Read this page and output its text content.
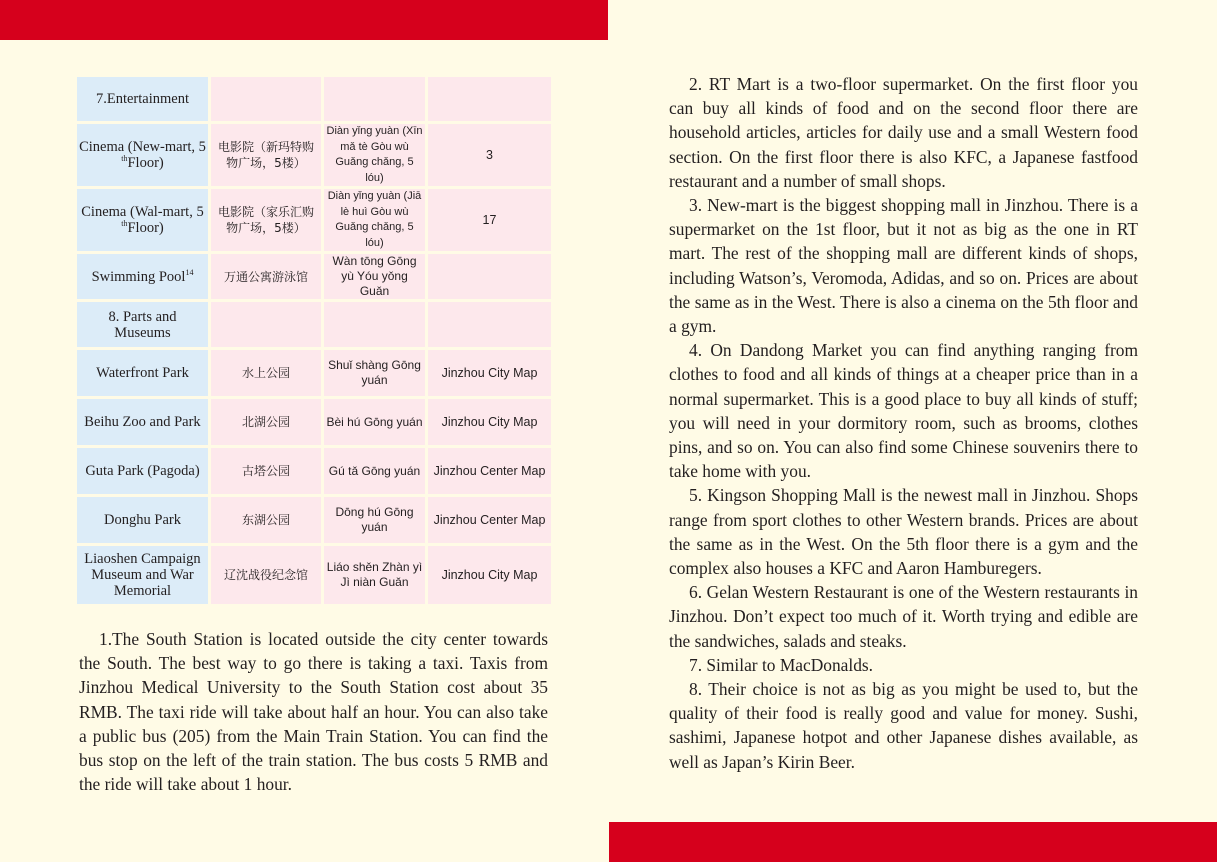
7.Entertainment			
Cinema (New-mart, 5thFloor)	电影院（新玛特购物广场，5楼）	Diàn yǐng yuàn (Xīn mǎ tè Gòu wù Guǎng chǎng, 5 lóu)	3
Cinema (Wal-mart, 5thFloor)	电影院（家乐汇购物广场，5楼）	Diàn yǐng yuàn (Jiā lè huì Gòu wù Guǎng chǎng, 5 lóu)	17
Swimming Pool$^{14}$	万通公寓游泳馆	Wàn tōng Gōng yù Yóu yǒng Guǎn	
8. Parts and Museums			
Waterfront Park	水上公园	Shuǐ shàng Gōng yuán	Jinzhou City Map
Beihu Zoo and Park	北湖公园	Bèi hú Gōng yuán	Jinzhou City Map
Guta Park (Pagoda)	古塔公园	Gú tǎ Gōng yuán	Jinzhou Center Map
Donghu Park	东湖公园	Dōng hú Gōng yuán	Jinzhou Center Map
Liaoshen Campaign Museum and War Memorial	辽沈战役纪念馆	Liáo shěn Zhàn yì Jì niàn Guǎn	Jinzhou City Map

1.The South Station is located outside the city center towards the South. The best way to go there is taking a taxi. Taxis from Jinzhou Medical University to the South Station cost about 35 RMB. The taxi ride will take about half an hour. You can also take a public bus (205) from the Main Train Station. You can find the bus stop on the left of the train station. The bus costs 5 RMB and the ride will take about 1 hour.

2. RT Mart is a two-floor supermarket. On the first floor you can buy all kinds of food and on the second floor there are household articles, articles for daily use and a small Western food section. On the first floor there is also KFC, a Japanese fastfood restaurant and a number of small shops.

3. New-mart is the biggest shopping mall in Jinzhou. There is a supermarket on the 1st floor, but it not as big as the one in RT mart. The rest of the shopping mall are different kinds of shops, including Watson’s, Veromoda, Adidas, and so on. Prices are about the same as in the West. There is also a cinema on the 5th floor and a gym.

4. On Dandong Market you can find anything ranging from clothes to food and all kinds of things at a cheaper price than in a normal supermarket. This is a good place to buy all kinds of stuff; you will need in your dormitory room, such as brooms, clothes pins, and so on. You can also find some Chinese souvenirs there to take home with you.

5. Kingson Shopping Mall is the newest mall in Jinzhou. Shops range from sport clothes to other Western brands. Prices are about the same as in the West. On the 5th floor there is a gym and the complex also houses a KFC and Aaron Hamburegers.

6. Gelan Western Restaurant is one of the Western restaurants in Jinzhou. Don’t expect too much of it. Worth trying and edible are the sandwiches, salads and steaks.

7. Similar to MacDonalds.

8. Their choice is not as big as you might be used to, but the quality of their food is really good and value for money. Sushi, sashimi, Japanese hotpot and other Japanese dishes available, as well as Japan’s Kirin Beer.
